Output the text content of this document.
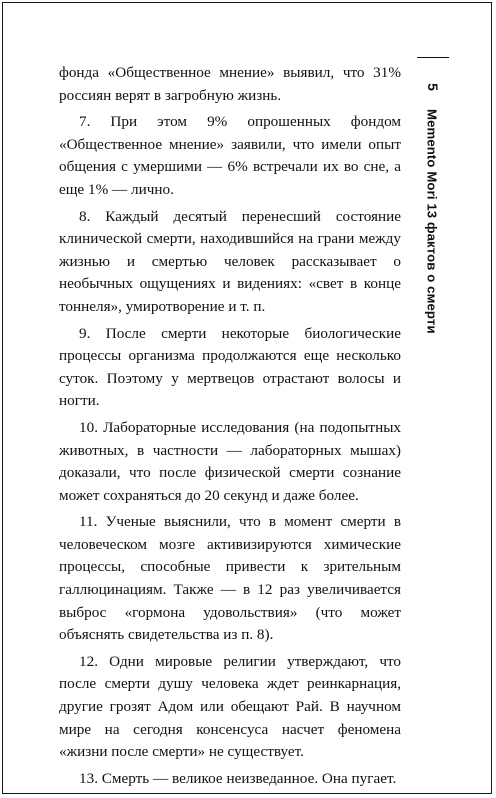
фонда «Общественное мнение» выявил, что 31% россиян верят в загробную жизнь.

7. При этом 9% опрошенных фондом «Общественное мнение» заявили, что имели опыт общения с умершими — 6% встречали их во сне, а еще 1% — лично.

8. Каждый десятый перенесший состояние клинической смерти, находившийся на грани между жизнью и смертью человек рассказывает о необычных ощущениях и видениях: «свет в конце тоннеля», умиротворение и т. п.

9. После смерти некоторые биологические процессы организма продолжаются еще несколько суток. Поэтому у мертвецов отрастают волосы и ногти.

10. Лабораторные исследования (на подопытных животных, в частности — лабораторных мышах) доказали, что после физической смерти сознание может сохраняться до 20 секунд и даже более.

11. Ученые выяснили, что в момент смерти в человеческом мозге активизируются химические процессы, способные привести к зрительным галлюцинациям. Также — в 12 раз увеличивается выброс «гормона удовольствия» (что может объяснять свидетельства из п. 8).

12. Одни мировые религии утверждают, что после смерти душу человека ждет реинкарнация, другие грозят Адом или обещают Рай. В научном мире на сегодня консенсуса насчет феномена «жизни после смерти» не существует.

13. Смерть — великое неизведанное. Она пугает.

5
Memento Mori 13 фактов о смерти
